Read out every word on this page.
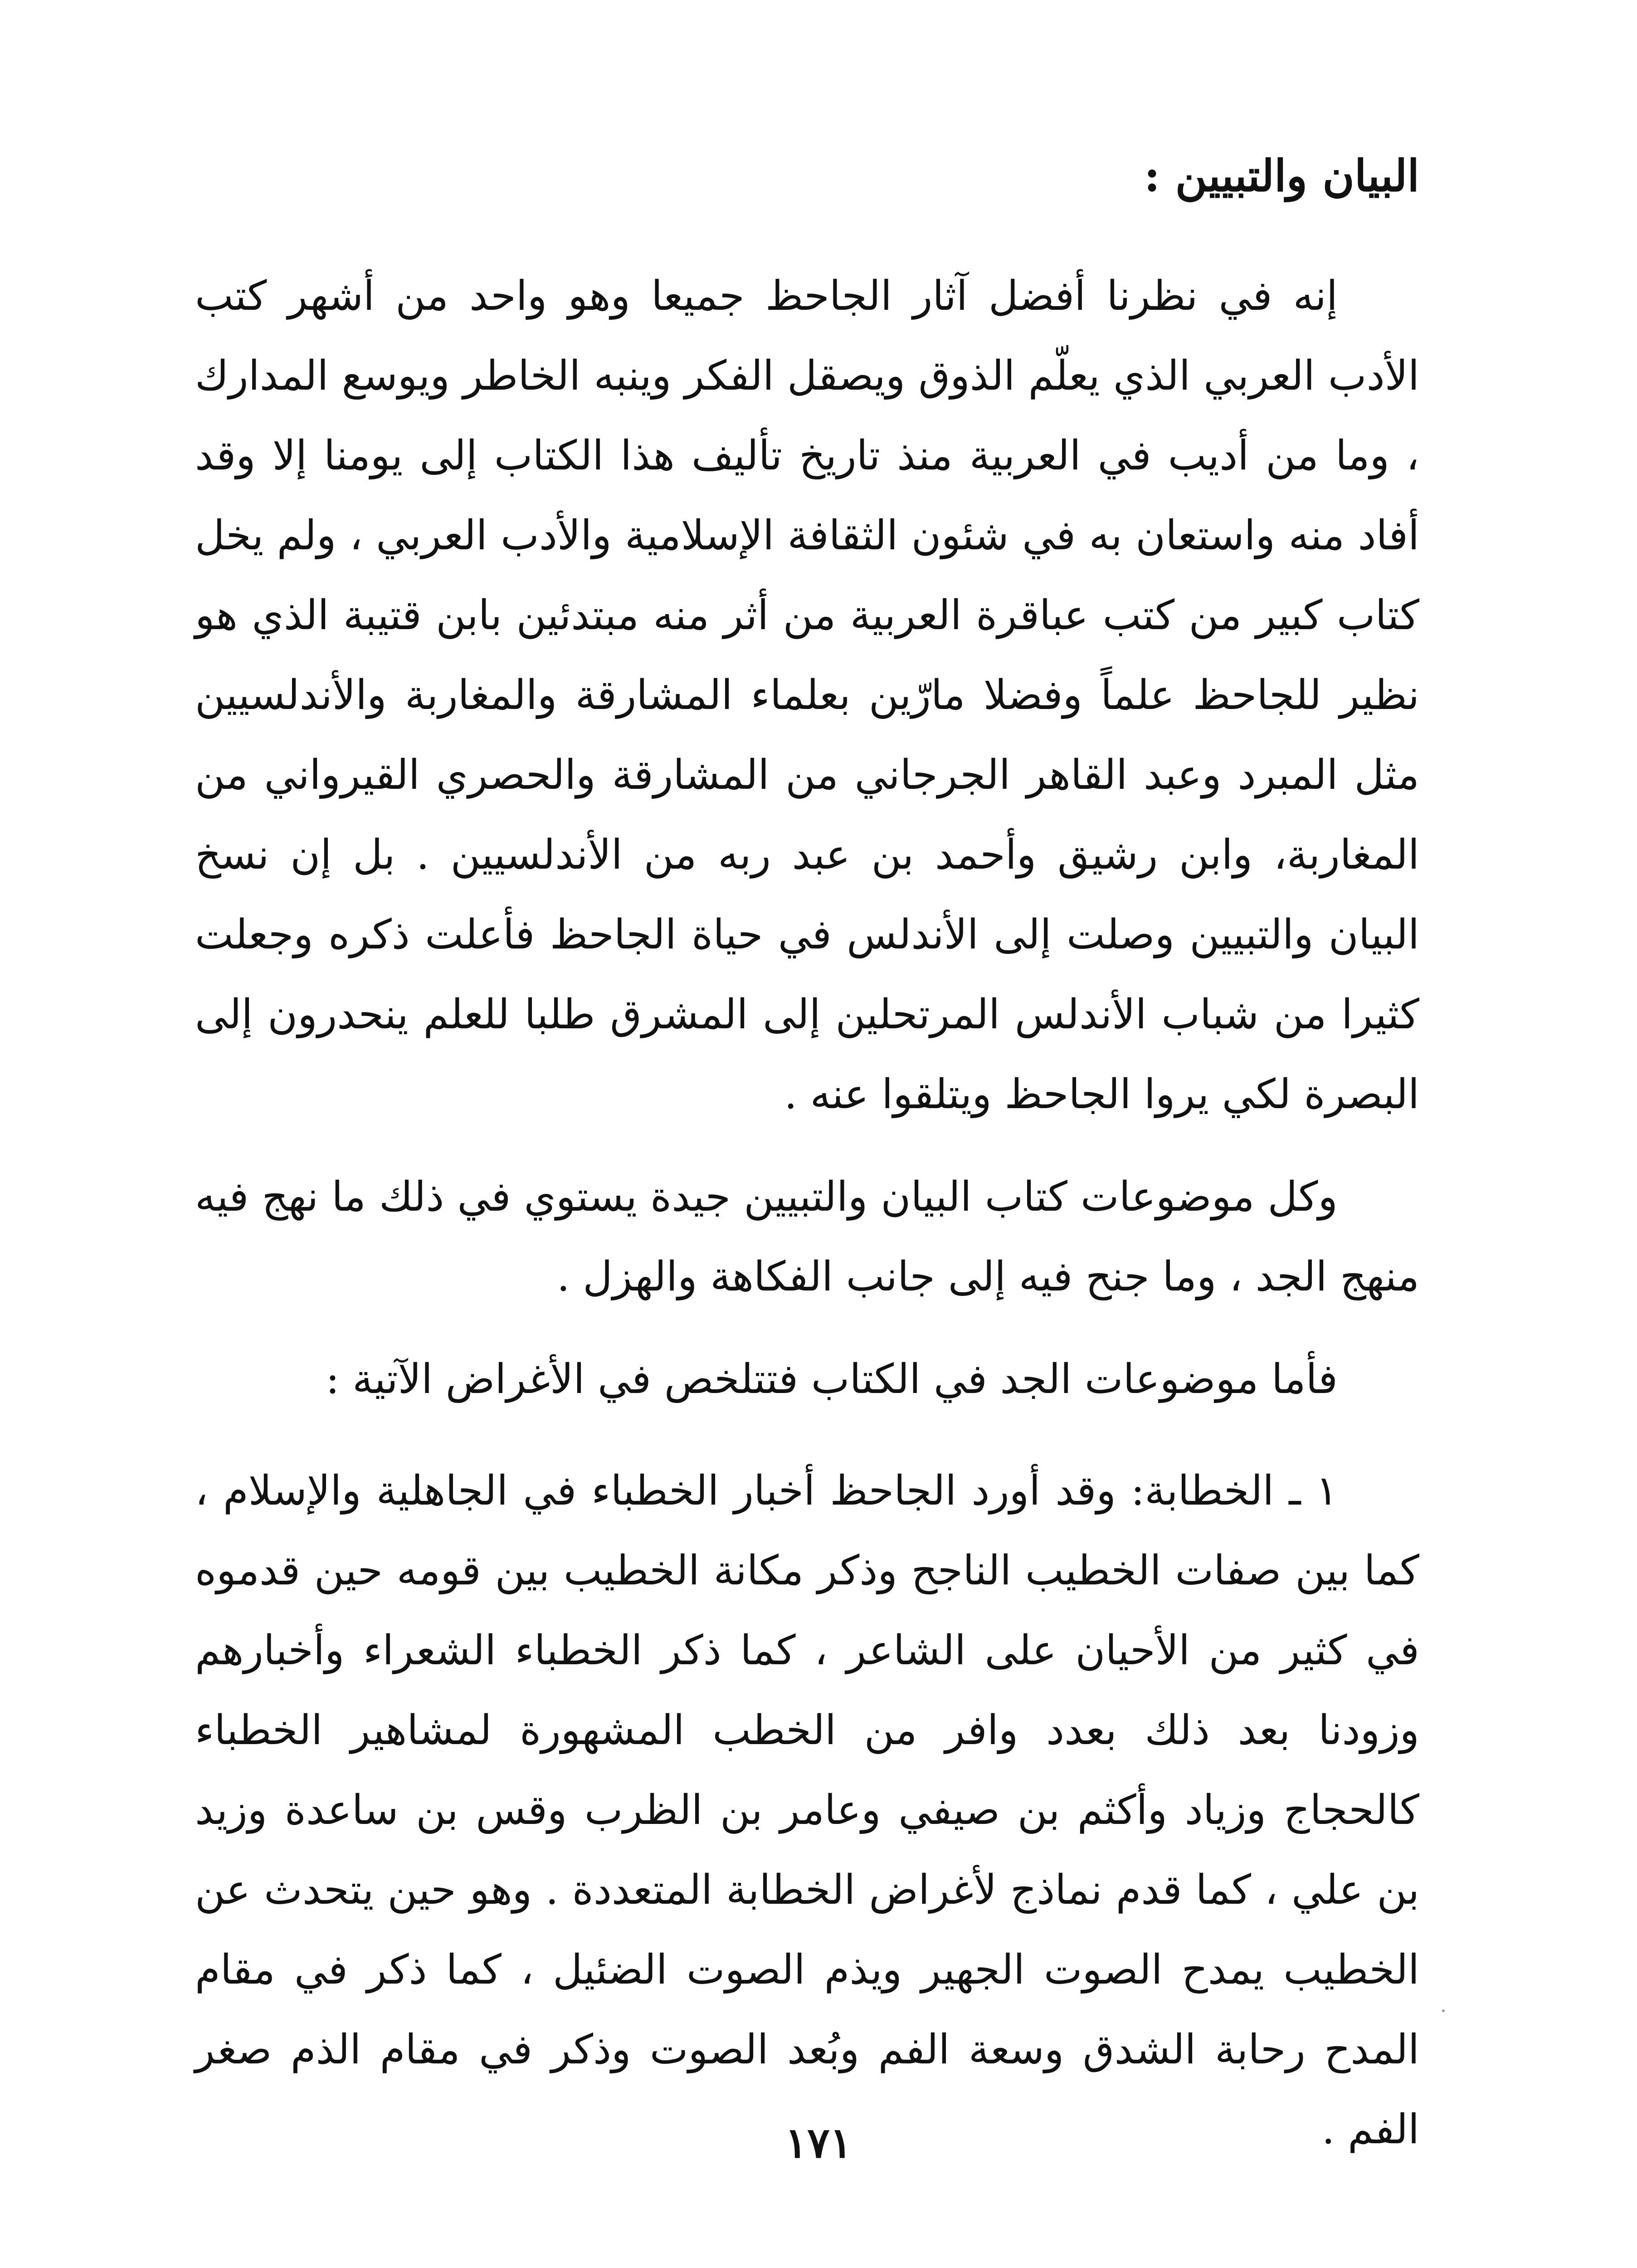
البيان والتبيين :

إنه في نظرنا أفضل آثار الجاحظ جميعا وهو واحد من أشهر كتب الأدب العربي الذي يعلّم الذوق ويصقل الفكر وينبه الخاطر ويوسع المدارك ، وما من أديب في العربية منذ تاريخ تأليف هذا الكتاب إلى يومنا إلا وقد أفاد منه واستعان به في شئون الثقافة الإسلامية والأدب العربي ، ولم يخل كتاب كبير من كتب عباقرة العربية من أثر منه مبتدئين بابن قتيبة الذي هو نظير للجاحظ علماً وفضلا مارّين بعلماء المشارقة والمغاربة والأندلسيين مثل المبرد وعبد القاهر الجرجاني من المشارقة والحصري القيرواني من المغاربة، وابن رشيق وأحمد بن عبد ربه من الأندلسيين . بل إن نسخ البيان والتبيين وصلت إلى الأندلس في حياة الجاحظ فأعلت ذكره وجعلت كثيرا من شباب الأندلس المرتحلين إلى المشرق طلبا للعلم ينحدرون إلى البصرة لكي يروا الجاحظ ويتلقوا عنه .

وكل موضوعات كتاب البيان والتبيين جيدة يستوي في ذلك ما نهج فيه منهج الجد ، وما جنح فيه إلى جانب الفكاهة والهزل .

فأما موضوعات الجد في الكتاب فتتلخص في الأغراض الآتية :

١ ـ الخطابة: وقد أورد الجاحظ أخبار الخطباء في الجاهلية والإسلام ، كما بين صفات الخطيب الناجح وذكر مكانة الخطيب بين قومه حين قدموه في كثير من الأحيان على الشاعر ، كما ذكر الخطباء الشعراء وأخبارهم وزودنا بعد ذلك بعدد وافر من الخطب المشهورة لمشاهير الخطباء كالحجاج وزياد وأكثم بن صيفي وعامر بن الظرب وقس بن ساعدة وزيد بن علي ، كما قدم نماذج لأغراض الخطابة المتعددة . وهو حين يتحدث عن الخطيب يمدح الصوت الجهير ويذم الصوت الضئيل ، كما ذكر في مقام المدح رحابة الشدق وسعة الفم وبُعد الصوت وذكر في مقام الذم صغر الفم .

١٧١
